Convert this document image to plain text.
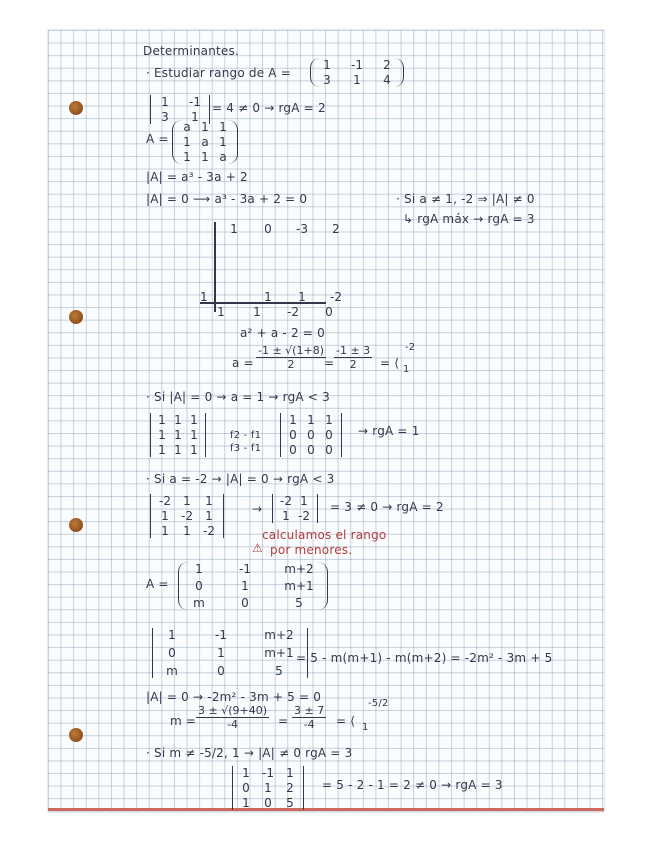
Determinantes.
· Estudiar rango de A =
1	-1	2
3	1	4
1	-1
3	1
= 4 ≠ 0 → rgA = 2
A =
a 1 1
1 a 1
1 1 a
|A| = a³ - 3a + 2
|A| = 0 ⟶ a³ - 3a + 2 = 0	· Si a ≠ 1, -2 ⇒ |A| ≠ 0
↳ rgA máx → rgA = 3
1	0	-3	2
1	1	1	-2
1	1	-2	0
a² + a - 2 = 0
$a = \frac{-1 \pm √(1+8)}{2}$
= $\frac{-1 \pm 3}{2}$ = ⟨
-2
1
· Si |A| = 0 → a = 1 → rgA < 3
1 1 1
1 1 1
1 1 1
f2 - f1
f3 - f1
1 1 1
0 0 0
0 0 0
→ rgA = 1
· Si a = -2 → |A| = 0 → rgA < 3
-2	1	1
1	-2	1
1	1	-2
→
-2 1
1 -2
= 3 ≠ 0 → rgA = 2
calculamos el rango
por menores.
⚠
A =
1	-1	m+2
0	1	m+1
m	0	5
1	-1	m+2
0	1	m+1
m	0	5
= 5 - m(m+1) - m(m+2) = -2m² - 3m + 5
|A| = 0 → -2m² - 3m + 5 = 0
$m = \frac{3 \pm √(9+40)}{-4} = \frac{3 \pm 7}{-4}$ = ⟨
-5/2
1
· Si m ≠ -5/2, 1 → |A| ≠ 0 rgA = 3
1 -1 1
0 1 2
1 0 5
= 5 - 2 - 1 = 2 ≠ 0 → rgA = 3
